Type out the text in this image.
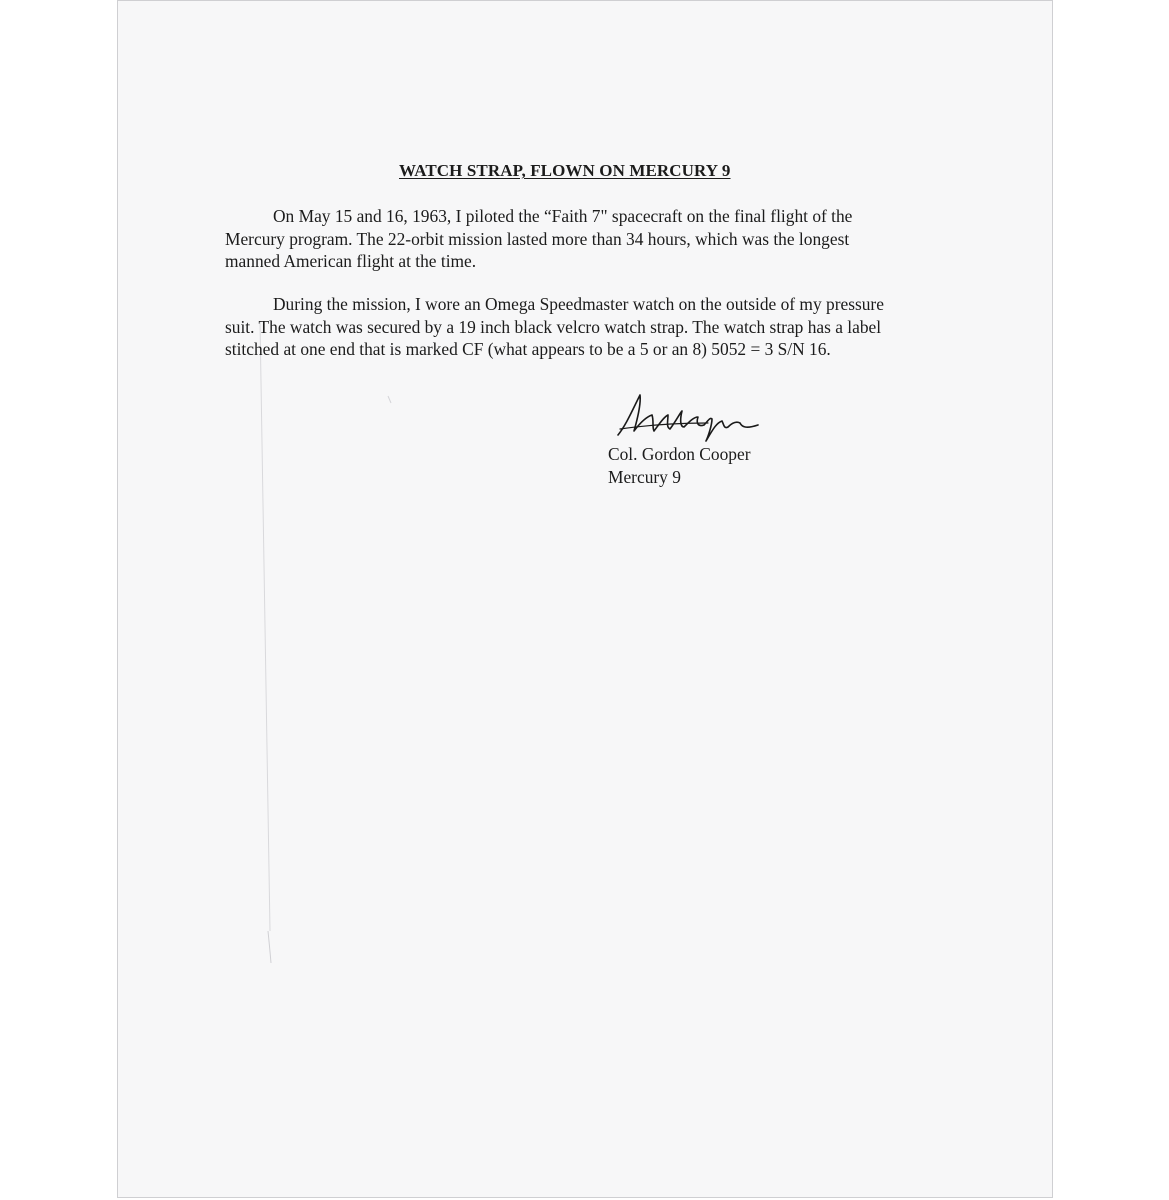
WATCH STRAP, FLOWN ON MERCURY 9

On May 15 and 16, 1963, I piloted the “Faith 7" spacecraft on the final flight of the
Mercury program. The 22-orbit mission lasted more than 34 hours, which was the longest
manned American flight at the time.

During the mission, I wore an Omega Speedmaster watch on the outside of my pressure
suit. The watch was secured by a 19 inch black velcro watch strap. The watch strap has a label
stitched at one end that is marked CF (what appears to be a 5 or an 8) 5052 = 3 S/N 16.

Col. Gordon Cooper

Mercury 9
